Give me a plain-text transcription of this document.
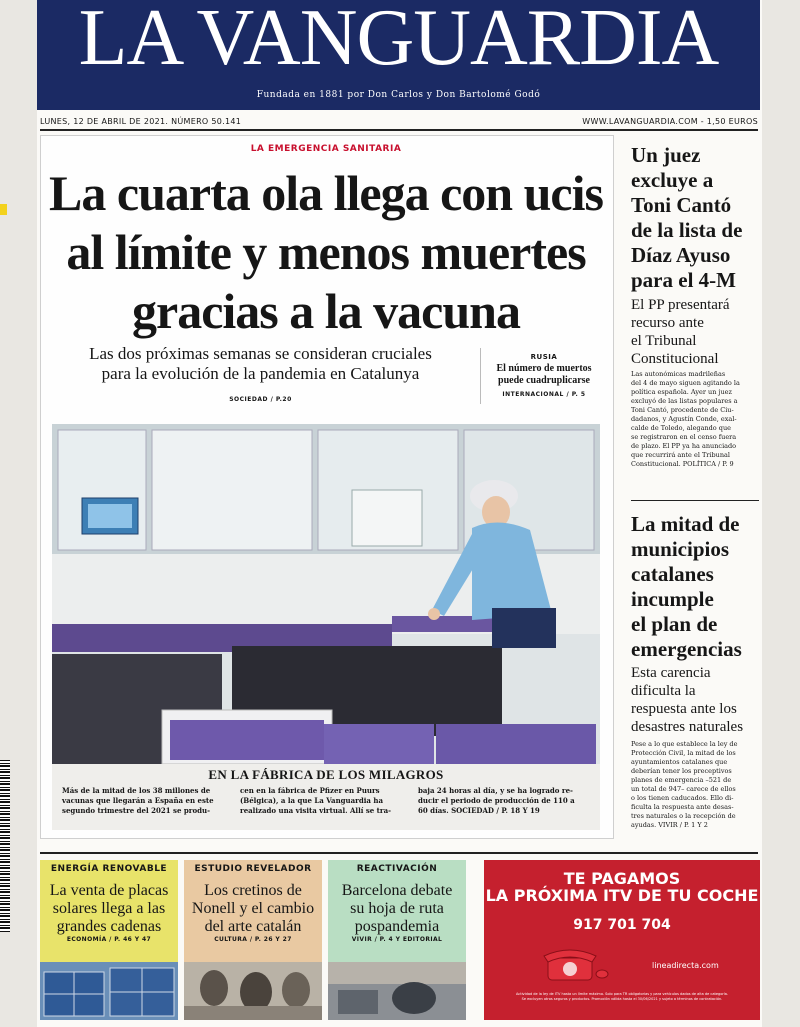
LA VANGUARDIA
Fundada en 1881 por Don Carlos y Don Bartolomé Godó
LUNES, 12 DE ABRIL DE 2021. NÚMERO 50.141	WWW.LAVANGUARDIA.COM - 1,50 EUROS
LA EMERGENCIA SANITARIA
La cuarta ola llega con ucis
al límite y menos muertes
gracias a la vacuna
Las dos próximas semanas se consideran cruciales
para la evolución de la pandemia en Catalunya
SOCIEDAD / P.20
RUSIA
El número de muertos
puede cuadruplicarse
INTERNACIONAL / P. 5
EN LA FÁBRICA DE LOS MILAGROS
Más de la mitad de los 38 millones de
vacunas que llegarán a España en este
segundo trimestre del 2021 se produ-
cen en la fábrica de Pfizer en Puurs
(Bélgica), a la que La Vanguardia ha
realizado una visita virtual. Allí se tra-
baja 24 horas al día, y se ha logrado re-
ducir el periodo de producción de 110 a
60 días. SOCIEDAD / P. 18 Y 19
Un juez
excluye a
Toni Cantó
de la lista de
Díaz Ayuso
para el 4-M
El PP presentará
recurso ante
el Tribunal
Constitucional
Las autonómicas madrileñas
del 4 de mayo siguen agitando la
política española. Ayer un juez
excluyó de las listas populares a
Toni Cantó, procedente de Ciu-
dadanos, y Agustín Conde, exal-
calde de Toledo, alegando que
se registraron en el censo fuera
de plazo. El PP ya ha anunciado
que recurrirá ante el Tribunal
Constitucional. POLÍTICA / P. 9
La mitad de
municipios
catalanes
incumple
el plan de
emergencias
Esta carencia
dificulta la
respuesta ante los
desastres naturales
Pese a lo que establece la ley de
Protección Civil, la mitad de los
ayuntamientos catalanes que
deberían tener los preceptivos
planes de emergencia –521 de
un total de 947– carece de ellos
o los tienen caducados. Ello di-
ficulta la respuesta ante desas-
tres naturales o la recepción de
ayudas. VIVIR / P. 1 Y 2
ENERGÍA RENOVABLE
La venta de placas
solares llega a las
grandes cadenas
ECONOMÍA / P. 46 Y 47
ESTUDIO REVELADOR
Los cretinos de
Nonell y el cambio
del arte catalán
CULTURA / P. 26 Y 27
REACTIVACIÓN
Barcelona debate
su hoja de ruta
pospandemia
VIVIR / P. 4 Y EDITORIAL
TE PAGAMOS
LA PRÓXIMA ITV DE TU COCHE
917 701 704
lineadirecta.com
Actividad de la ley de ITV hasta un límite máximo. Solo para TR obligatorias y para vehículos dados de alta de categoría.
Se excluyen otros seguros y productos. Promoción válida hasta el 30/06/2021 y sujeto a términos de contratación.
